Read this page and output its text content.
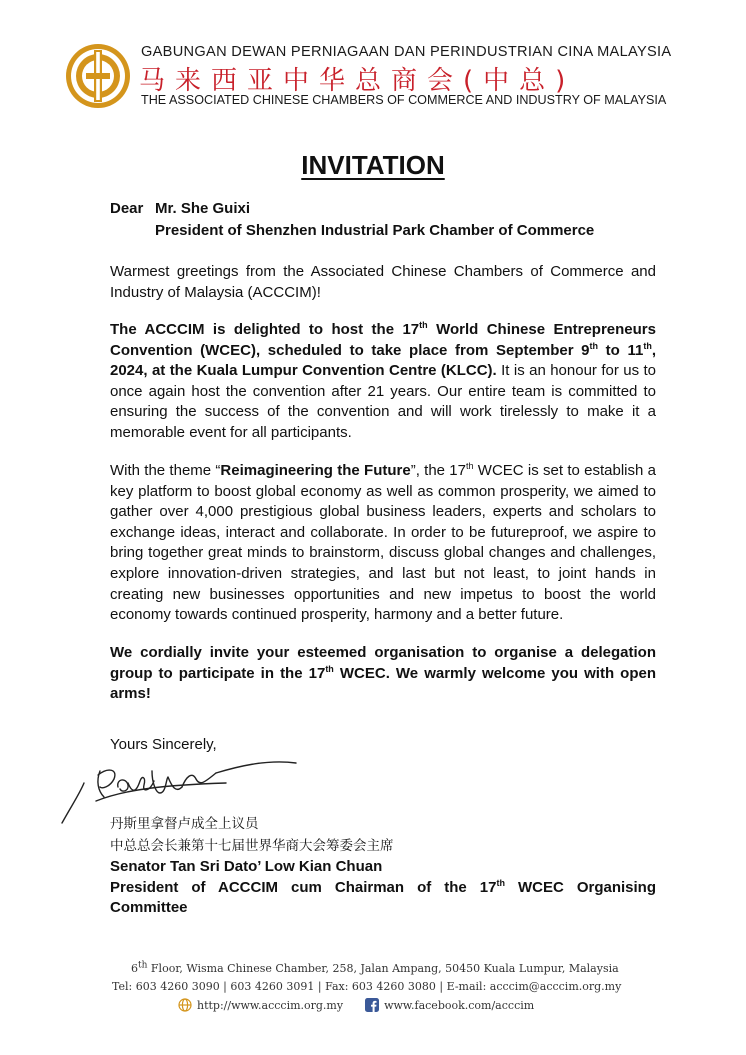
GABUNGAN DEWAN PERNIAGAAN DAN PERINDUSTRIAN CINA MALAYSIA
马来西亚中华总商会(中总)
THE ASSOCIATED CHINESE CHAMBERS OF COMMERCE AND INDUSTRY OF MALAYSIA
INVITATION
Dear Mr. She Guixi
President of Shenzhen Industrial Park Chamber of Commerce
Warmest greetings from the Associated Chinese Chambers of Commerce and Industry of Malaysia (ACCCIM)!
The ACCCIM is delighted to host the 17th World Chinese Entrepreneurs Convention (WCEC), scheduled to take place from September 9th to 11th, 2024, at the Kuala Lumpur Convention Centre (KLCC). It is an honour for us to once again host the convention after 21 years. Our entire team is committed to ensuring the success of the convention and will work tirelessly to make it a memorable event for all participants.
With the theme “Reimagineering the Future”, the 17th WCEC is set to establish a key platform to boost global economy as well as common prosperity, we aimed to gather over 4,000 prestigious global business leaders, experts and scholars to exchange ideas, interact and collaborate. In order to be futureproof, we aspire to bring together great minds to brainstorm, discuss global changes and challenges, explore innovation-driven strategies, and last but not least, to joint hands in creating new businesses opportunities and new impetus to boost the world economy towards continued prosperity, harmony and a better future.
We cordially invite your esteemed organisation to organise a delegation group to participate in the 17th WCEC. We warmly welcome you with open arms!
Yours Sincerely,
丹斯里拿督卢成全上议员
中总总会长兼第十七届世界华商大会筹委会主席
Senator Tan Sri Dato’ Low Kian Chuan
President of ACCCIM cum Chairman of the 17th WCEC Organising Committee
6th Floor, Wisma Chinese Chamber, 258, Jalan Ampang, 50450 Kuala Lumpur, Malaysia
Tel: 603 4260 3090 | 603 4260 3091 | Fax: 603 4260 3080 | E-mail: acccim@acccim.org.my
http://www.acccim.org.my	www.facebook.com/acccim
